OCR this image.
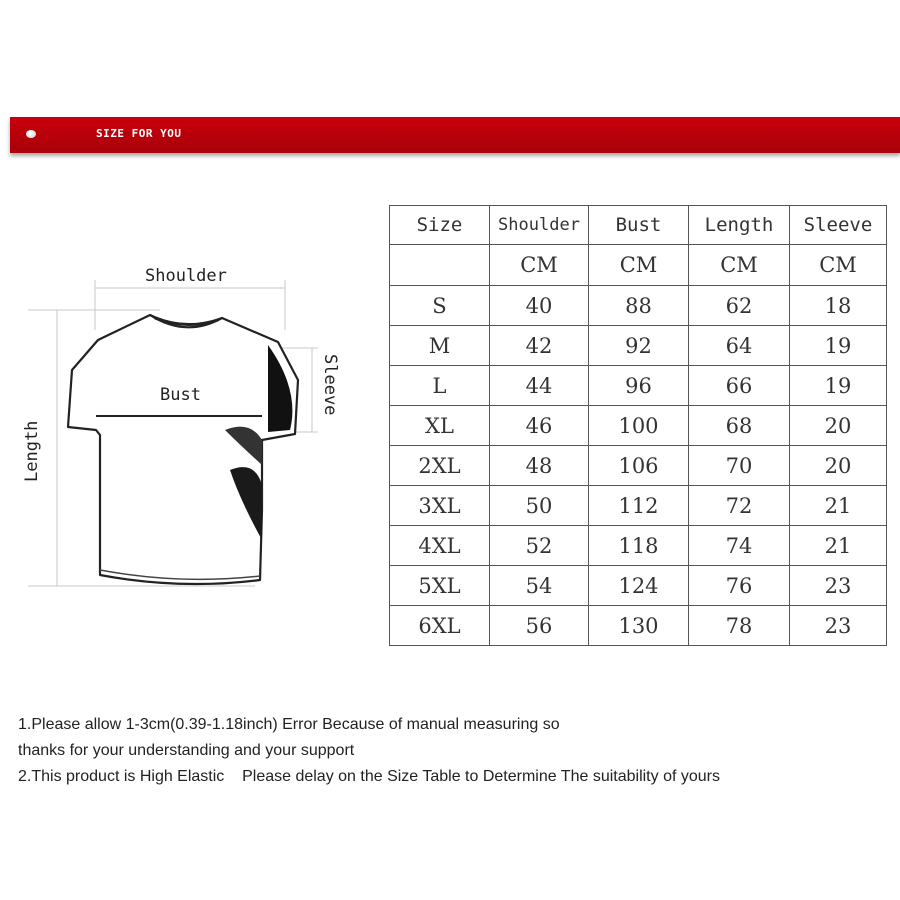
SIZE FOR YOU
Shoulder
Bust
Length
Sleeve
Size	Shoulder	Bust	Length	Sleeve
	CM	CM	CM	CM
S	40	88	62	18
M	42	92	64	19
L	44	96	66	19
XL	46	100	68	20
2XL	48	106	70	20
3XL	50	112	72	21
4XL	52	118	74	21
5XL	54	124	76	23
6XL	56	130	78	23

1.Please allow 1-3cm(0.39-1.18inch) Error Because of manual measuring so

thanks for your understanding and your support

2.This product is High Elastic    Please delay on the Size Table to Determine The suitability of yours
